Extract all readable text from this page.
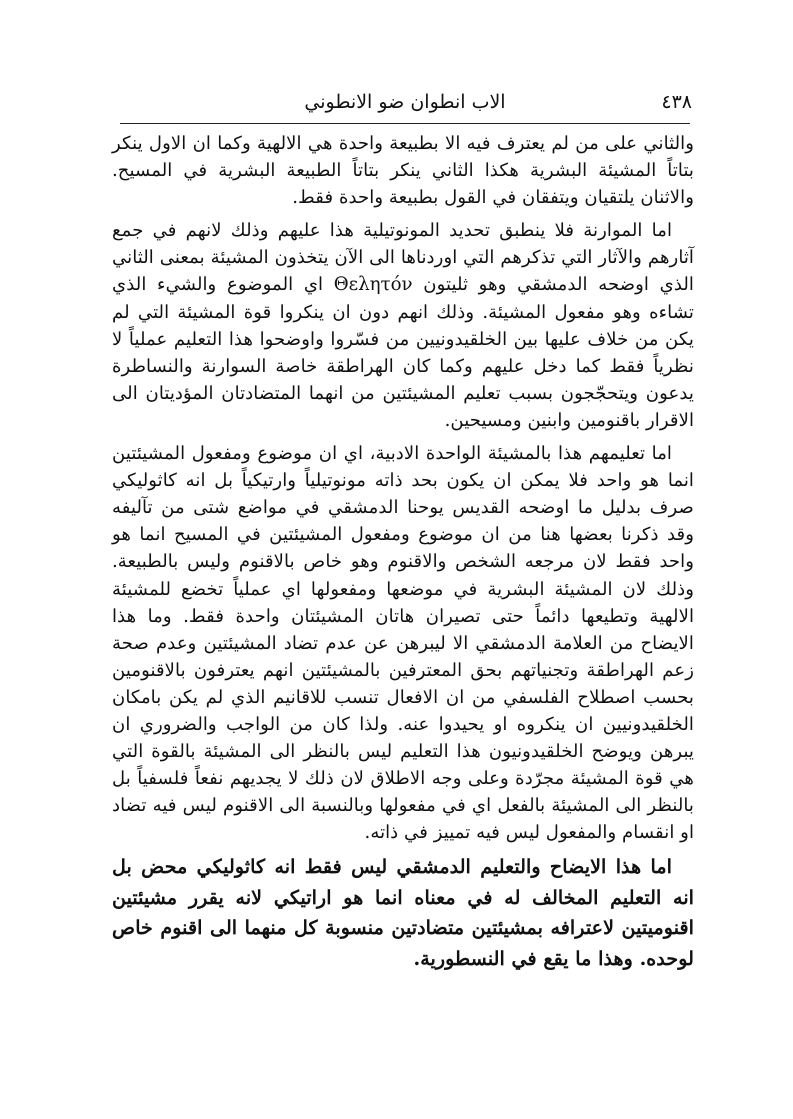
٤٣٨
الاب انطوان ضو الانطوني

والثاني على من لم يعترف فيه الا بطبيعة واحدة هي الالهية وكما ان الاول ينكر بتاتاً المشيئة البشرية هكذا الثاني ينكر بتاتاً الطبيعة البشرية في المسيح. والاثنان يلتقيان ويتفقان في القول بطبيعة واحدة فقط.

اما الموارنة فلا ينطبق تحديد المونوتيلية هذا عليهم وذلك لانهم في جمع آثارهم والآثار التي تذكرهم التي اوردناها الى الآن يتخذون المشيئة بمعنى الثاني الذي اوضحه الدمشقي وهو ثليتون Θελητόν اي الموضوع والشيء الذي تشاءه وهو مفعول المشيئة. وذلك انهم دون ان ينكروا قوة المشيئة التي لم يكن من خلاف عليها بين الخلقيدونيين من فسّروا واوضحوا هذا التعليم عملياً لا نظرياً فقط كما دخل عليهم وكما كان الهراطقة خاصة السوارنة والنساطرة يدعون ويتحجّجون بسبب تعليم المشيئتين من انهما المتضادتان المؤديتان الى الاقرار باقنومين وابنين ومسيحين.

اما تعليمهم هذا بالمشيئة الواحدة الادبية، اي ان موضوع ومفعول المشيئتين انما هو واحد فلا يمكن ان يكون بحد ذاته مونوتيلياً وارتيكياً بل انه كاثوليكي صرف بدليل ما اوضحه القديس يوحنا الدمشقي في مواضع شتى من تآليفه وقد ذكرنا بعضها هنا من ان موضوع ومفعول المشيئتين في المسيح انما هو واحد فقط لان مرجعه الشخص والاقنوم وهو خاص بالاقنوم وليس بالطبيعة. وذلك لان المشيئة البشرية في موضعها ومفعولها اي عملياً تخضع للمشيئة الالهية وتطيعها دائماً حتى تصيران هاتان المشيئتان واحدة فقط. وما هذا الايضاح من العلامة الدمشقي الا ليبرهن عن عدم تضاد المشيئتين وعدم صحة زعم الهراطقة وتجنياتهم بحق المعترفين بالمشيئتين انهم يعترفون بالاقنومين بحسب اصطلاح الفلسفي من ان الافعال تنسب للاقانيم الذي لم يكن بامكان الخلقيدونيين ان ينكروه او يحيدوا عنه. ولذا كان من الواجب والضروري ان يبرهن ويوضح الخلقيدونيون هذا التعليم ليس بالنظر الى المشيئة بالقوة التي هي قوة المشيئة مجرّدة وعلى وجه الاطلاق لان ذلك لا يجديهم نفعاً فلسفياً بل بالنظر الى المشيئة بالفعل اي في مفعولها وبالنسبة الى الاقنوم ليس فيه تضاد او انقسام والمفعول ليس فيه تمييز في ذاته.

اما هذا الايضاح والتعليم الدمشقي ليس فقط انه كاثوليكي محض بل انه التعليم المخالف له في معناه انما هو اراتيكي لانه يقرر مشيئتين اقنوميتين لاعترافه بمشيئتين متضادتين منسوبة كل منهما الى اقنوم خاص لوحده. وهذا ما يقع في النسطورية.
